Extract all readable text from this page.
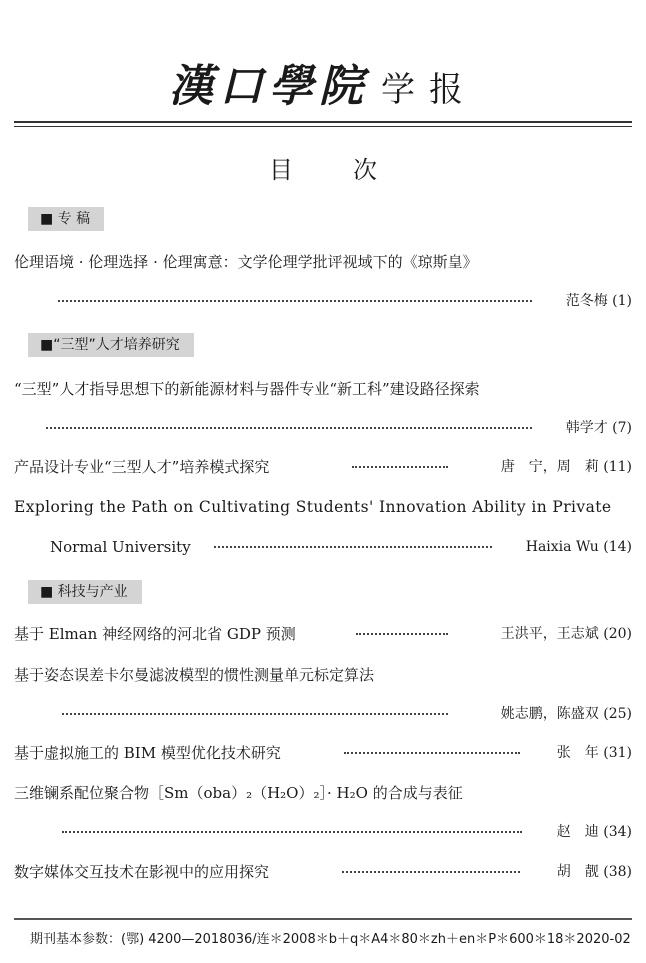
漢口學院 学报
目次
■ 专 稿
伦理语境 · 伦理选择 · 伦理寓意：文学伦理学批评视域下的《琼斯皇》
范冬梅 (1)
■“三型”人才培养研究
“三型”人才指导思想下的新能源材料与器件专业“新工科”建设路径探索
韩学才 (7)
产品设计专业“三型人才”培养模式探究	唐　宁，周　莉 (11)
Exploring the Path on Cultivating Students' Innovation Ability in Private
Normal University	Haixia Wu (14)
■ 科技与产业
基于 Elman 神经网络的河北省 GDP 预测	王洪平，王志斌 (20)
基于姿态误差卡尔曼滤波模型的惯性测量单元标定算法
姚志鹏，陈盛双 (25)
基于虚拟施工的 BIM 模型优化技术研究	张　年 (31)
三维镧系配位聚合物［Sm（oba）₂（H₂O）₂］· H₂O 的合成与表征
赵　迪 (34)
数字媒体交互技术在影视中的应用探究	胡　靓 (38)
期刊基本参数：(鄂) 4200—2018036/连＊2008＊b＋q＊A4＊80＊zh＋en＊P＊600＊18＊2020-02
